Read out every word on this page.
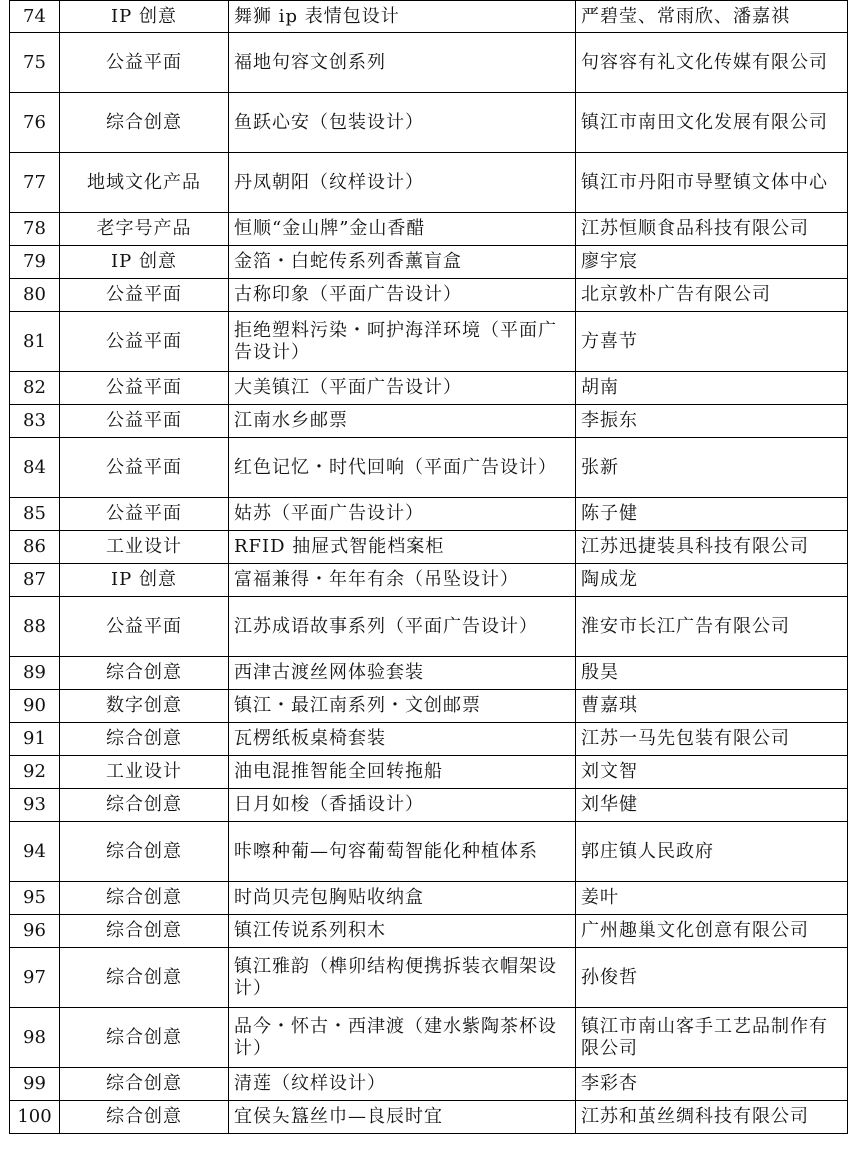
74	IP 创意	舞狮 ip 表情包设计	严碧莹、常雨欣、潘嘉祺
75	公益平面	福地句容文创系列	句容容有礼文化传媒有限公司
76	综合创意	鱼跃心安（包装设计）	镇江市南田文化发展有限公司
77	地域文化产品	丹凤朝阳（纹样设计）	镇江市丹阳市导墅镇文体中心
78	老字号产品	恒顺“金山牌”金山香醋	江苏恒顺食品科技有限公司
79	IP 创意	金箔・白蛇传系列香薰盲盒	廖宇宸
80	公益平面	古称印象（平面广告设计）	北京敦朴广告有限公司
81	公益平面	拒绝塑料污染・呵护海洋环境（平面广告设计）	方喜节
82	公益平面	大美镇江（平面广告设计）	胡南
83	公益平面	江南水乡邮票	李振东
84	公益平面	红色记忆・时代回响（平面广告设计）	张新
85	公益平面	姑苏（平面广告设计）	陈子健
86	工业设计	RFID 抽屉式智能档案柜	江苏迅捷装具科技有限公司
87	IP 创意	富福兼得・年年有余（吊坠设计）	陶成龙
88	公益平面	江苏成语故事系列（平面广告设计）	淮安市长江广告有限公司
89	综合创意	西津古渡丝网体验套装	殷昊
90	数字创意	镇江・最江南系列・文创邮票	曹嘉琪
91	综合创意	瓦楞纸板桌椅套装	江苏一马先包装有限公司
92	工业设计	油电混推智能全回转拖船	刘文智
93	综合创意	日月如梭（香插设计）	刘华健
94	综合创意	咔嚓种葡—句容葡萄智能化种植体系	郭庄镇人民政府
95	综合创意	时尚贝壳包胸贴收纳盒	姜叶
96	综合创意	镇江传说系列积木	广州趣巢文化创意有限公司
97	综合创意	镇江雅韵（榫卯结构便携拆装衣帽架设计）	孙俊哲
98	综合创意	品今・怀古・西津渡（建水紫陶茶杯设计）	镇江市南山客手工艺品制作有限公司
99	综合创意	清莲（纹样设计）	李彩杏
100	综合创意	宜侯夨簋丝巾—良辰时宜	江苏和茧丝绸科技有限公司
